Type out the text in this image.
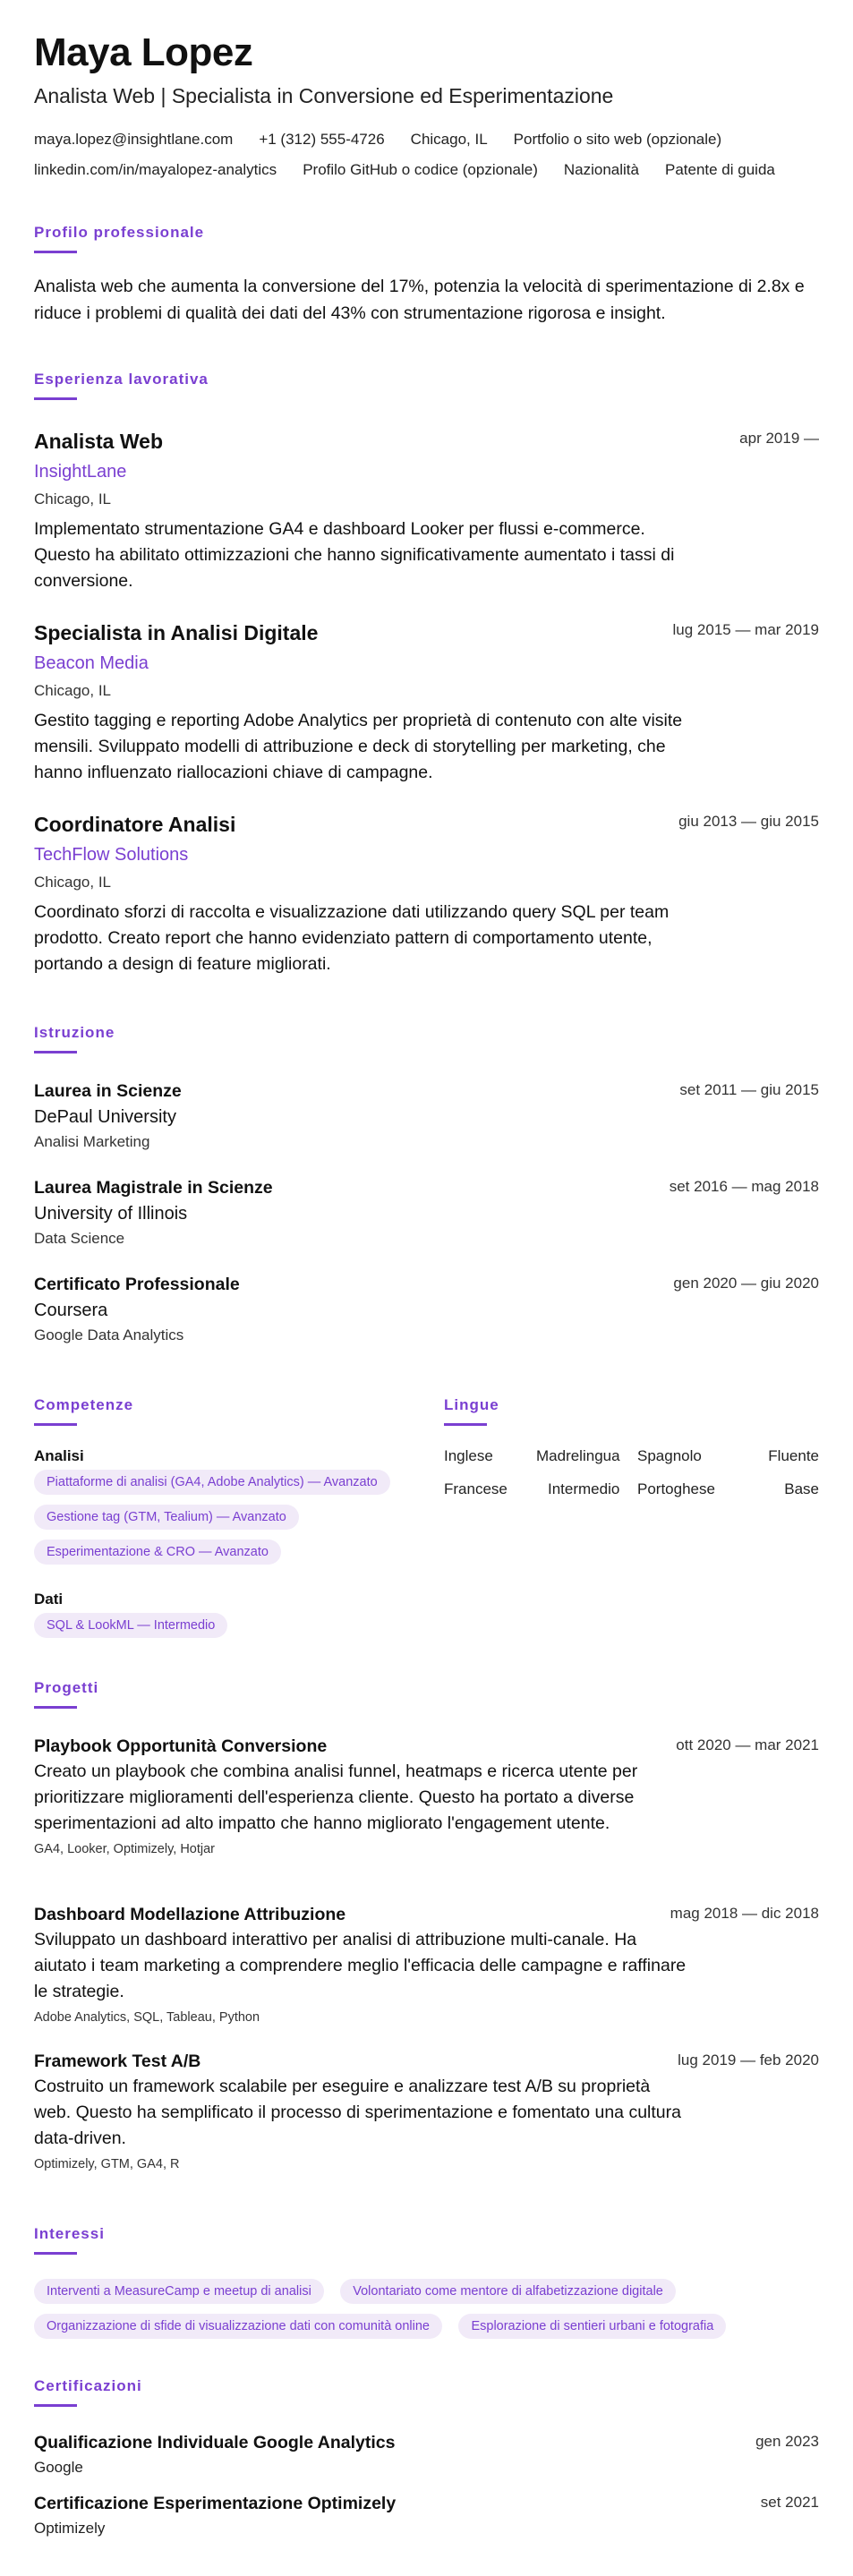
Maya Lopez
Analista Web | Specialista in Conversione ed Esperimentazione
maya.lopez@insightlane.com +1 (312) 555-4726 Chicago, IL Portfolio o sito web (opzionale)
linkedin.com/in/mayalopez-analytics Profilo GitHub o codice (opzionale) Nazionalità Patente di guida
Profilo professionale

Analista web che aumenta la conversione del 17%, potenzia la velocità di sperimentazione di 2.8x e riduce i problemi di qualità dei dati del 43% con strumentazione rigorosa e insight.

Esperienza lavorativa
Analista Web	apr 2019 —
InsightLane
Chicago, IL
Implementato strumentazione GA4 e dashboard Looker per flussi e-commerce. Questo ha abilitato ottimizzazioni che hanno significativamente aumentato i tassi di conversione.
Specialista in Analisi Digitale	lug 2015 — mar 2019
Beacon Media
Chicago, IL
Gestito tagging e reporting Adobe Analytics per proprietà di contenuto con alte visite mensili. Sviluppato modelli di attribuzione e deck di storytelling per marketing, che hanno influenzato riallocazioni chiave di campagne.
Coordinatore Analisi	giu 2013 — giu 2015
TechFlow Solutions
Chicago, IL
Coordinato sforzi di raccolta e visualizzazione dati utilizzando query SQL per team prodotto. Creato report che hanno evidenziato pattern di comportamento utente, portando a design di feature migliorati.
Istruzione
Laurea in Scienze	set 2011 — giu 2015
DePaul University
Analisi Marketing
Laurea Magistrale in Scienze	set 2016 — mag 2018
University of Illinois
Data Science
Certificato Professionale	gen 2020 — giu 2020
Coursera
Google Data Analytics
Competenze
Analisi
Piattaforme di analisi (GA4, Adobe Analytics) — Avanzato
Gestione tag (GTM, Tealium) — Avanzato
Esperimentazione & CRO — Avanzato
Dati
SQL & LookML — Intermedio
Lingue
Inglese	Madrelingua Spagnolo	Fluente
Francese	Intermedio Portoghese	Base
Progetti
Playbook Opportunità Conversione	ott 2020 — mar 2021
Creato un playbook che combina analisi funnel, heatmaps e ricerca utente per prioritizzare miglioramenti dell'esperienza cliente. Questo ha portato a diverse sperimentazioni ad alto impatto che hanno migliorato l'engagement utente.
GA4, Looker, Optimizely, Hotjar
Dashboard Modellazione Attribuzione	mag 2018 — dic 2018
Sviluppato un dashboard interattivo per analisi di attribuzione multi-canale. Ha aiutato i team marketing a comprendere meglio l'efficacia delle campagne e raffinare le strategie.
Adobe Analytics, SQL, Tableau, Python
Framework Test A/B	lug 2019 — feb 2020
Costruito un framework scalabile per eseguire e analizzare test A/B su proprietà web. Questo ha semplificato il processo di sperimentazione e fomentato una cultura data-driven.
Optimizely, GTM, GA4, R
Interessi
Interventi a MeasureCamp e meetup di analisi	Volontariato come mentore di alfabetizzazione digitale
Organizzazione di sfide di visualizzazione dati con comunità online	Esplorazione di sentieri urbani e fotografia
Certificazioni
Qualificazione Individuale Google Analytics	gen 2023
Google
Certificazione Esperimentazione Optimizely	set 2021
Optimizely
